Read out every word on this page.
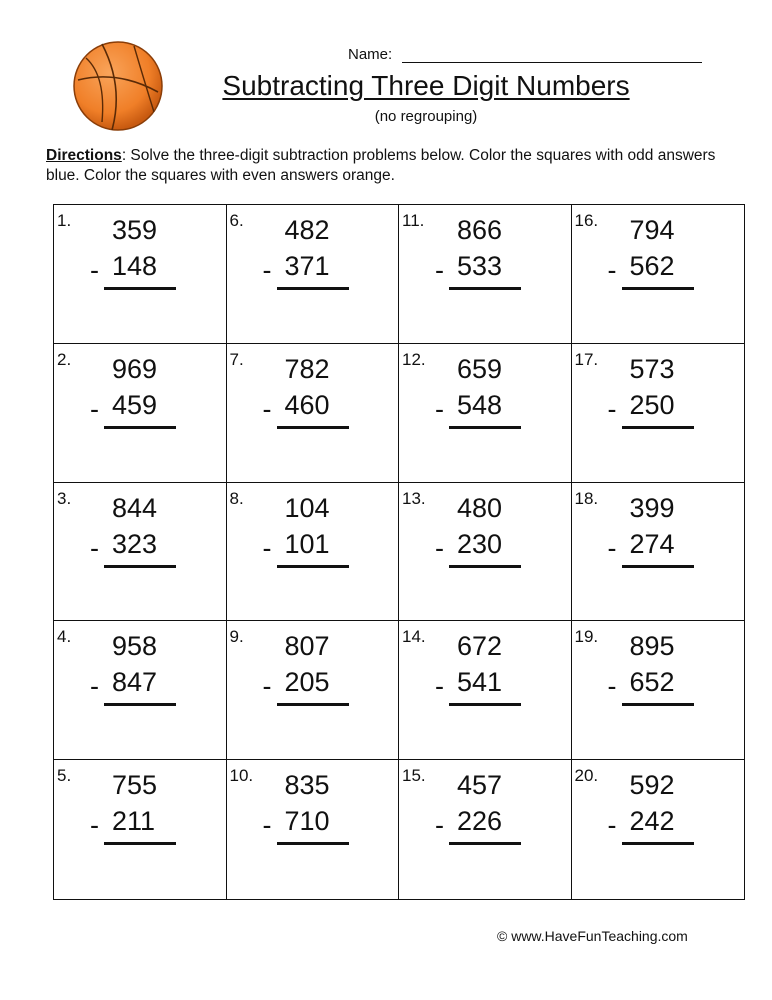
Name:
Subtracting Three Digit Numbers
(no regrouping)
Directions: Solve the three-digit subtraction problems below. Color the squares with odd answers blue. Color the squares with even answers orange.
1. 359
- 148
6. 482
- 371
11. 866
- 533
16. 794
- 562
2. 969
- 459
7. 782
- 460
12. 659
- 548
17. 573
- 250
3. 844
- 323
8. 104
- 101
13. 480
- 230
18. 399
- 274
4. 958
- 847
9. 807
- 205
14. 672
- 541
19. 895
- 652
5. 755
- 211
10. 835
- 710
15. 457
- 226
20. 592
- 242
© www.HaveFunTeaching.com
